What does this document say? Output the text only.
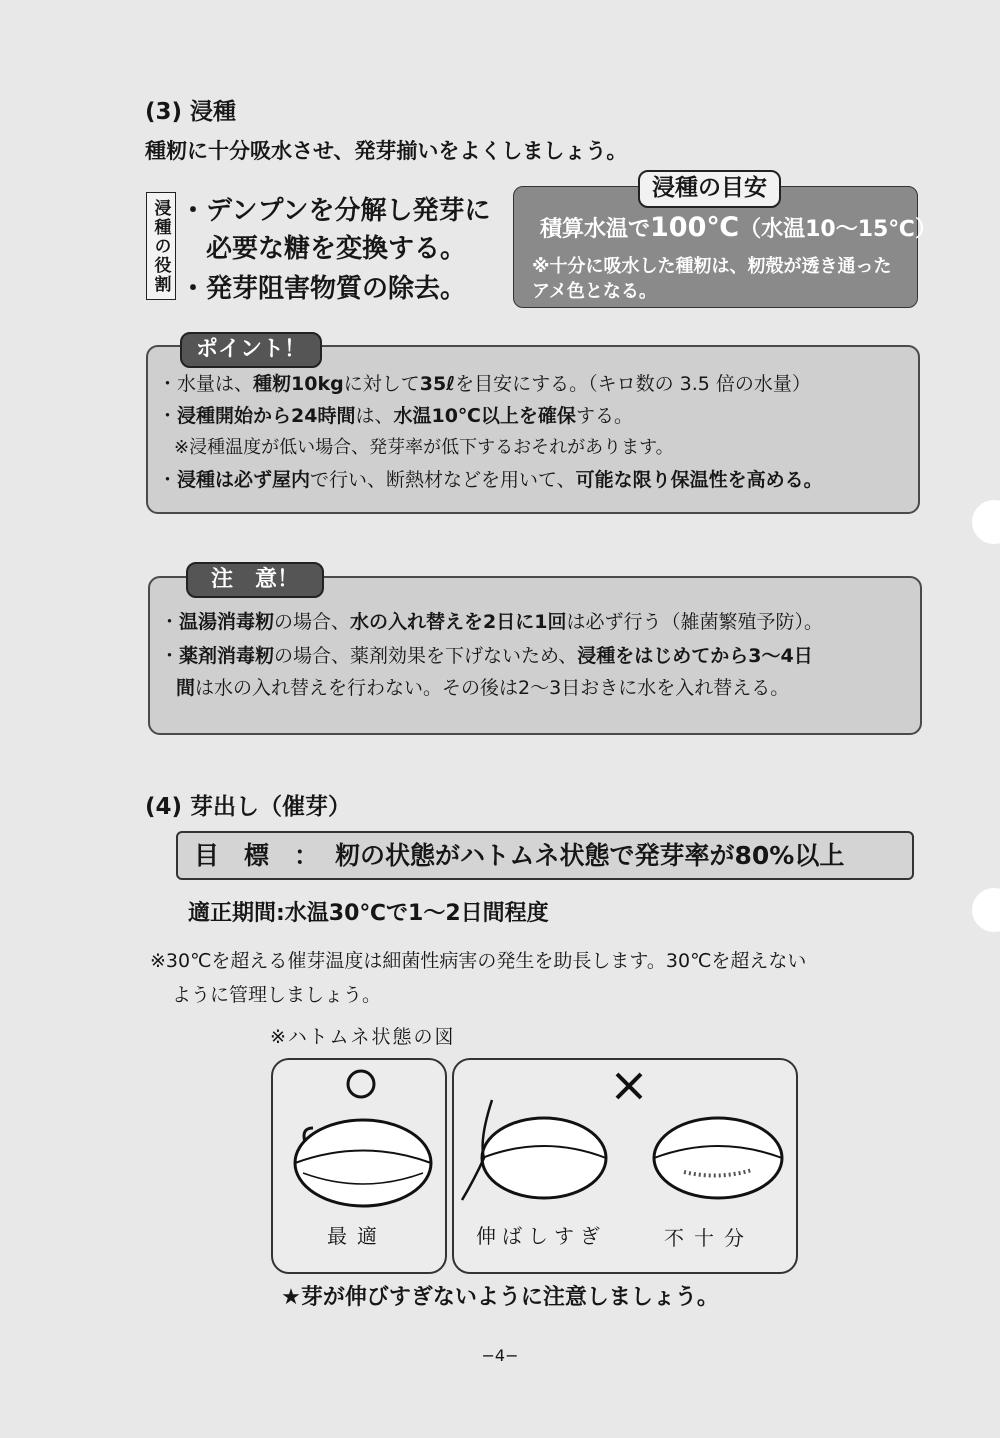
(3) 浸種
種籾に十分吸水させ、発芽揃いをよくしましょう。
浸種の役割 ・デンプンを分解し発芽に
　必要な糖を変換する。
・発芽阻害物質の除去。
浸種の目安
積算水温で100℃（水温10～15℃）
※十分に吸水した種籾は、籾殻が透き通ったアメ色となる。
ポイント！
・水量は、種籾10kgに対して35ℓを目安にする。（キロ数の 3.5 倍の水量）
・浸種開始から24時間は、水温10℃以上を確保する。
※浸種温度が低い場合、発芽率が低下するおそれがあります。
・浸種は必ず屋内で行い、断熱材などを用いて、可能な限り保温性を高める。
注　意！
・温湯消毒籾の場合、水の入れ替えを2日に1回は必ず行う（雑菌繁殖予防）。
・薬剤消毒籾の場合、薬剤効果を下げないため、浸種をはじめてから3～4日
間は水の入れ替えを行わない。その後は2～3日おきに水を入れ替える。
(4) 芽出し（催芽）
目　標　： 籾の状態がハトムネ状態で発芽率が80%以上
適正期間:水温30℃で1～2日間程度
※30℃を超える催芽温度は細菌性病害の発生を助長します。30℃を超えない
ように管理しましょう。
※ハトムネ状態の図
最適	伸ばしすぎ	不十分
★芽が伸びすぎないように注意しましょう。
−4−
